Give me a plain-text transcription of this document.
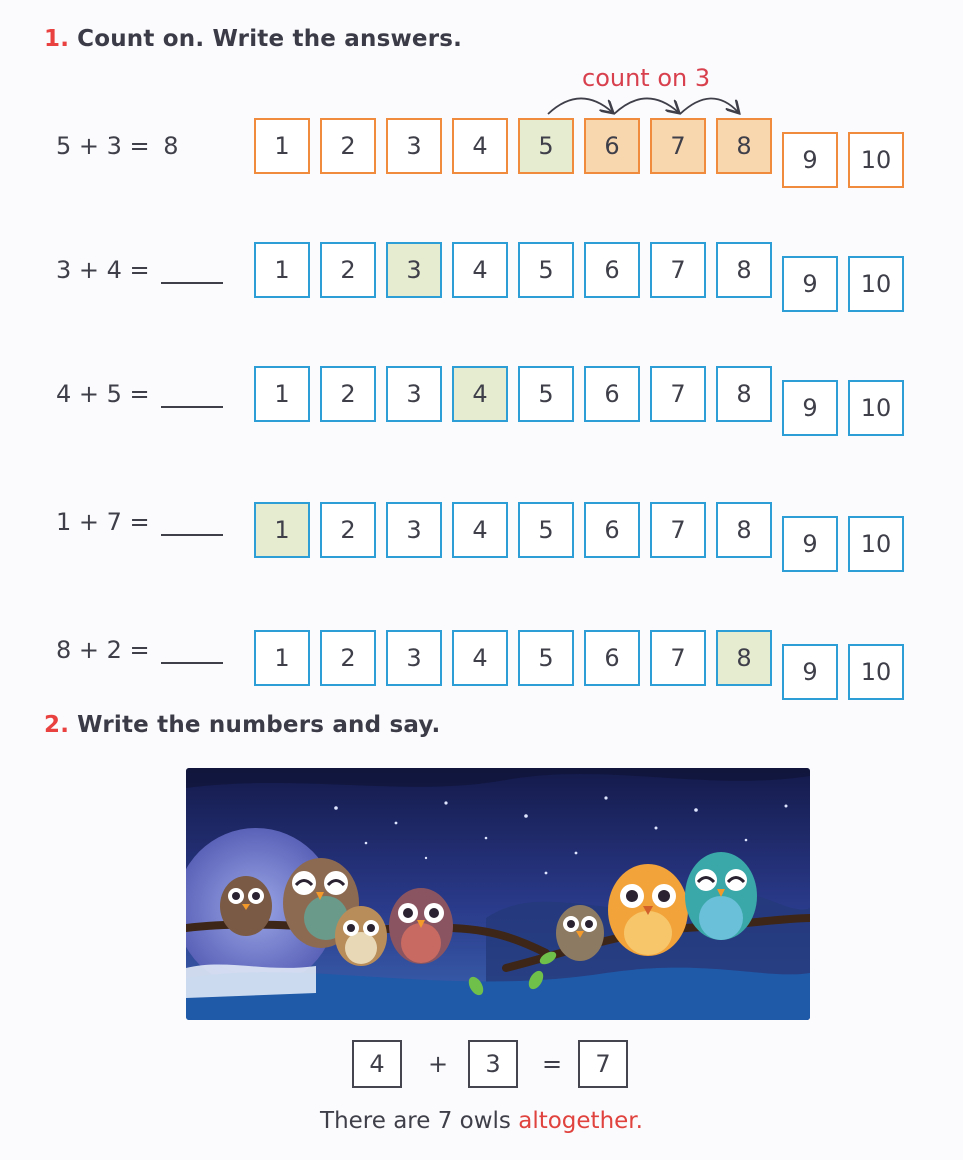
1. Count on. Write the answers.
count on 3
5 + 3 = 8	1	2	3	4	5	6	7	8	9	10
3 + 4 =	1	2	3	4	5	6	7	8	9	10
4 + 5 =	1	2	3	4	5	6	7	8	9	10
1 + 7 =	1	2	3	4	5	6	7	8	9	10
8 + 2 =	1	2	3	4	5	6	7	8	9	10
2. Write the numbers and say.
4	+	3	=	7
There are 7 owls altogether.
